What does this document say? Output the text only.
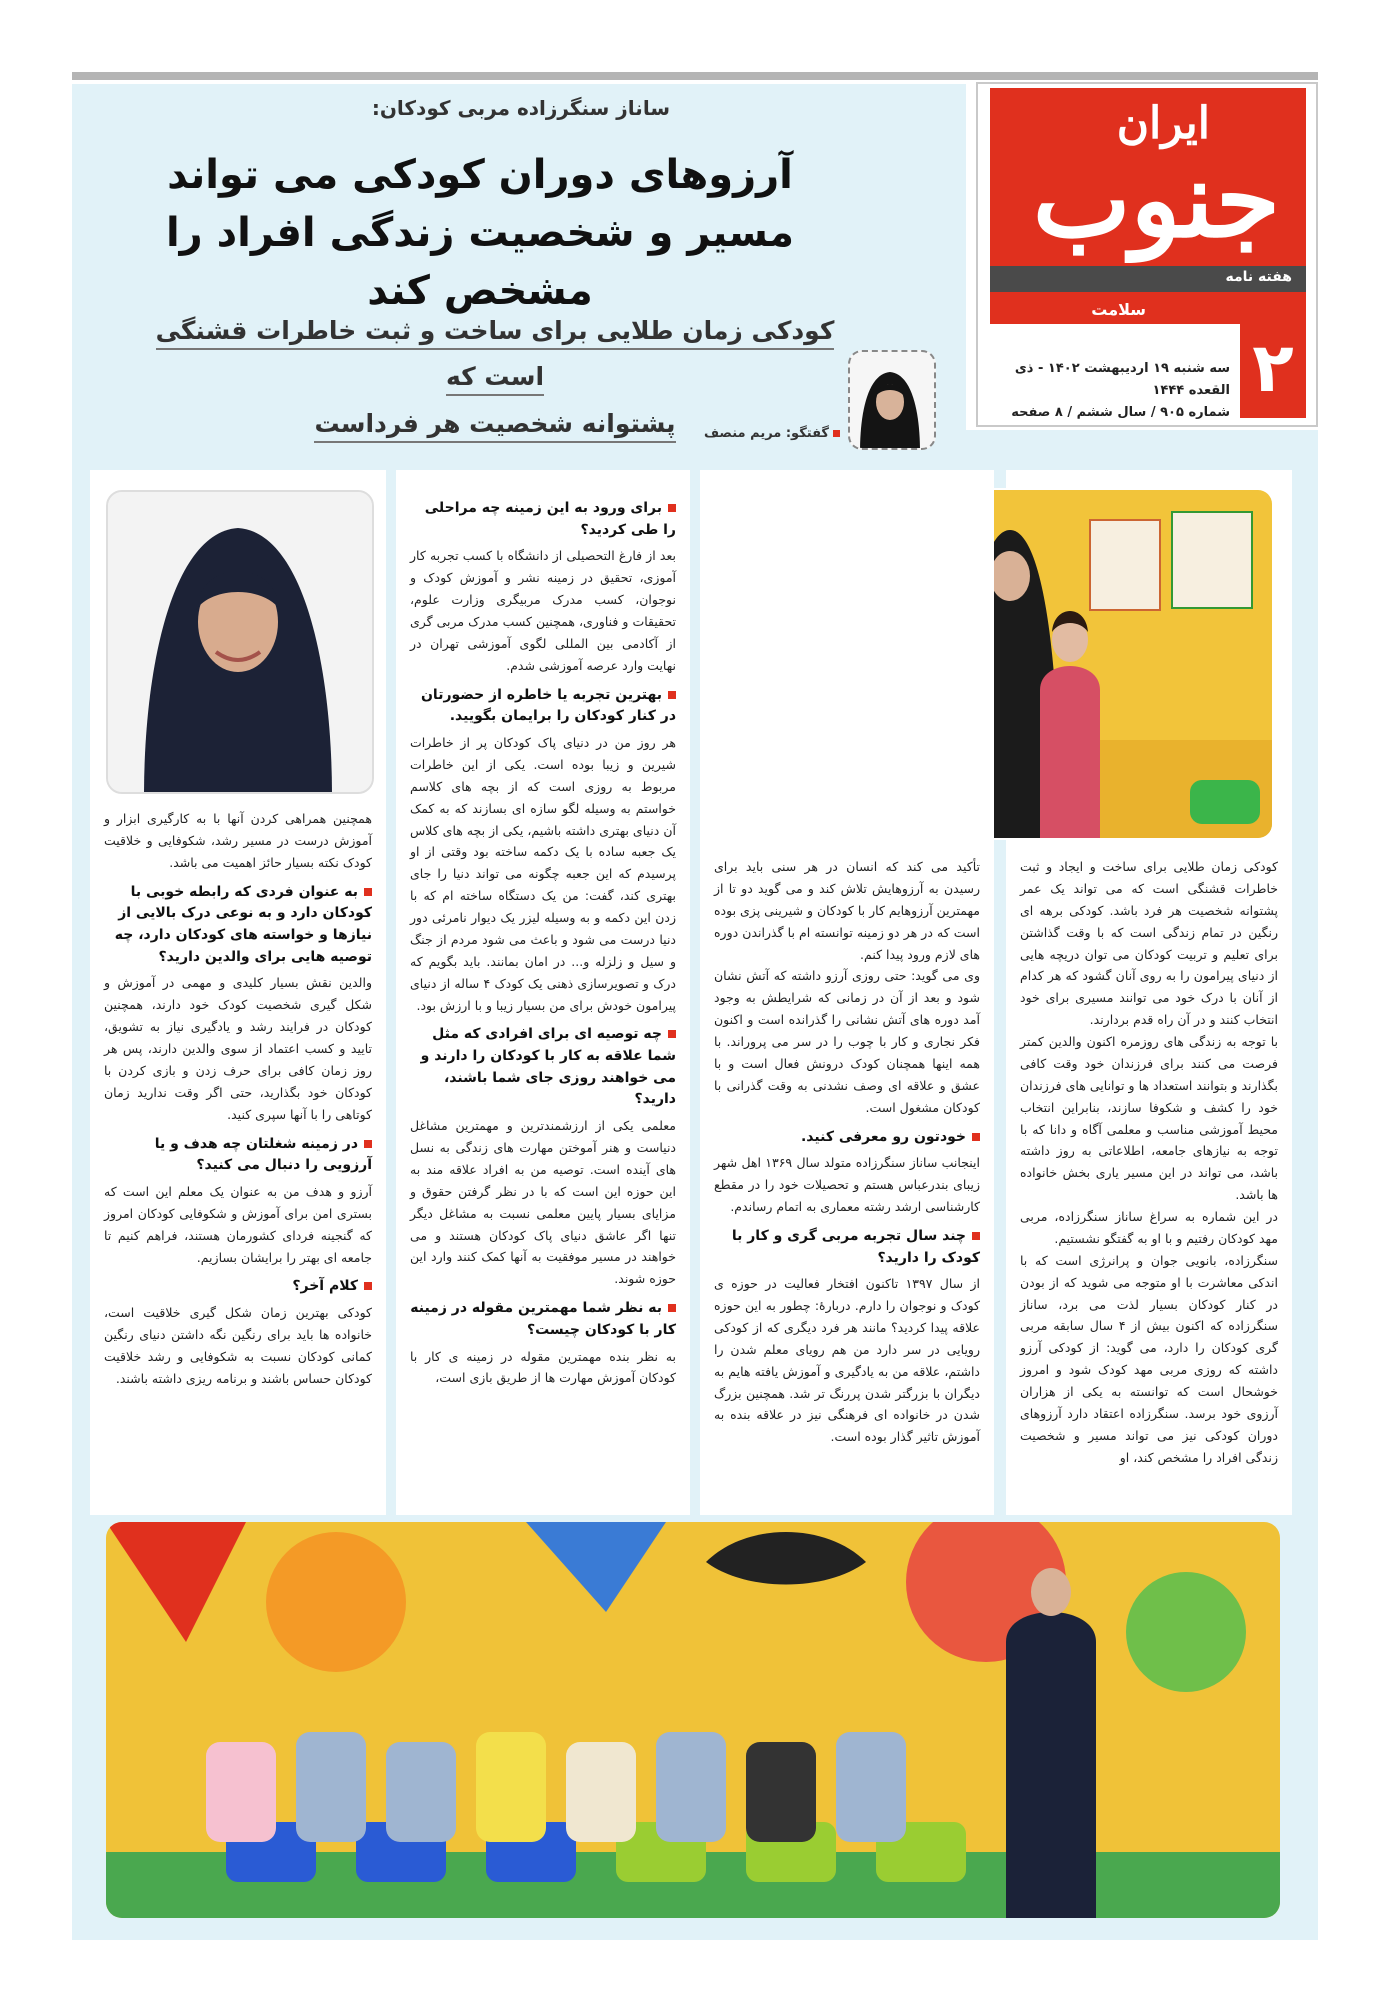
ایران
جنوب
هفته نامه
سلامت
۲
سه شنبه ۱۹ اردیبهشت ۱۴۰۲ - ذی القعده ۱۴۴۴
شماره ۹۰۵ / سال ششم / ۸ صفحه
ساناز سنگرزاده مربی کودکان:
آرزوهای دوران کودکی می تواند
مسیر و شخصیت زندگی افراد را مشخص کند
کودکی زمان طلایی برای ساخت و ثبت خاطرات قشنگی است که
پشتوانه شخصیت هر فرداست	گفتگو: مریم منصف

کودکی زمان طلایی برای ساخت و ایجاد و ثبت خاطرات قشنگی است که می تواند یک عمر پشتوانه شخصیت هر فرد باشد. کودکی برهه ای رنگین در تمام زندگی است که با وقت گذاشتن برای تعلیم و تربیت کودکان می توان دریچه هایی از دنیای پیرامون را به روی آنان گشود که هر کدام از آنان با درک خود می توانند مسیری برای خود انتخاب کنند و در آن راه قدم بردارند.

با توجه به زندگی های روزمره اکنون والدین کمتر فرصت می کنند برای فرزندان خود وقت کافی بگذارند و بتوانند استعداد ها و توانایی های فرزندان خود را کشف و شکوفا سازند، بنابراین انتخاب محیط آموزشی مناسب و معلمی آگاه و دانا که با توجه به نیازهای جامعه، اطلاعاتی به روز داشته باشد، می تواند در این مسیر یاری بخش خانواده ها باشد.

در این شماره به سراغ ساناز سنگرزاده، مربی مهد کودکان رفتیم و با او به گفتگو نشستیم.

سنگرزاده، بانویی جوان و پرانرژی است که با اندکی معاشرت با او متوجه می شوید که از بودن در کنار کودکان بسیار لذت می برد، ساناز سنگرزاده که اکنون بیش از ۴ سال سابقه مربی گری کودکان را دارد، می گوید: از کودکی آرزو داشته که روزی مربی مهد کودک شود و امروز خوشحال است که توانسته به یکی از هزاران آرزوی خود برسد. سنگرزاده اعتقاد دارد آرزوهای دوران کودکی نیز می تواند مسیر و شخصیت زندگی افراد را مشخص کند، او

تأکید می کند که انسان در هر سنی باید برای رسیدن به آرزوهایش تلاش کند و می گوید دو تا از مهمترین آرزوهایم کار با کودکان و شیرینی پزی بوده است که در هر دو زمینه توانسته ام با گذراندن دوره های لازم ورود پیدا کنم.

وی می گوید: حتی روزی آرزو داشته که آتش نشان شود و بعد از آن در زمانی که شرایطش به وجود آمد دوره های آتش نشانی را گذرانده است و اکنون فکر نجاری و کار با چوب را در سر می پروراند. با همه اینها همچنان کودک درونش فعال است و با عشق و علاقه ای وصف نشدنی به وقت گذرانی با کودکان مشغول است.

خودتون رو معرفی کنید.

اینجانب ساناز سنگرزاده متولد سال ۱۳۶۹ اهل شهر زیبای بندرعباس هستم و تحصیلات خود را در مقطع کارشناسی ارشد رشته معماری به اتمام رساندم.

چند سال تجربه مربی گری و کار با کودک را دارید؟

از سال ۱۳۹۷ تاکنون افتخار فعالیت در حوزه ی کودک و نوجوان را دارم. دربارهٔ: چطور به این حوزه علاقه پیدا کردید؟ مانند هر فرد دیگری که از کودکی رویایی در سر دارد من هم رویای معلم شدن را داشتم، علاقه من به یادگیری و آموزش یافته هایم به دیگران با بزرگتر شدن پررنگ تر شد. همچنین بزرگ شدن در خانواده ای فرهنگی نیز در علاقه بنده به آموزش تاثیر گذار بوده است.

برای ورود به این زمینه چه مراحلی را طی کردید؟

بعد از فارغ التحصیلی از دانشگاه با کسب تجربه کار آموزی، تحقیق در زمینه نشر و آموزش کودک و نوجوان، کسب مدرک مربیگری وزارت علوم، تحقیقات و فناوری، همچنین کسب مدرک مربی گری از آکادمی بین المللی لگوی آموزشی تهران در نهایت وارد عرصه آموزشی شدم.

بهترین تجربه یا خاطره از حضورتان در کنار کودکان را برایمان بگویید.

هر روز من در دنیای پاک کودکان پر از خاطرات شیرین و زیبا بوده است. یکی از این خاطرات مربوط به روزی است که از بچه های کلاسم خواستم به وسیله لگو سازه ای بسازند که به کمک آن دنیای بهتری داشته باشیم، یکی از بچه های کلاس یک جعبه ساده با یک دکمه ساخته بود وقتی از او پرسیدم که این جعبه چگونه می تواند دنیا را جای بهتری کند، گفت: من یک دستگاه ساخته ام که با زدن این دکمه و به وسیله لیزر یک دیوار نامرئی دور دنیا درست می شود و باعث می شود مردم از جنگ و سیل و زلزله و... در امان بمانند. باید بگویم که درک و تصویرسازی ذهنی یک کودک ۴ ساله از دنیای پیرامون خودش برای من بسیار زیبا و با ارزش بود.

چه توصیه ای برای افرادی که مثل شما علاقه به کار با کودکان را دارند و می خواهند روزی جای شما باشند، دارید؟

معلمی یکی از ارزشمندترین و مهمترین مشاغل دنیاست و هنر آموختن مهارت های زندگی به نسل های آینده است. توصیه من به افراد علاقه مند به این حوزه این است که با در نظر گرفتن حقوق و مزایای بسیار پایین معلمی نسبت به مشاغل دیگر تنها اگر عاشق دنیای پاک کودکان هستند و می خواهند در مسیر موفقیت به آنها کمک کنند وارد این حوزه شوند.

به نظر شما مهمترین مقوله در زمینه کار با کودکان چیست؟

به نظر بنده مهمترین مقوله در زمینه ی کار با کودکان آموزش مهارت ها از طریق بازی است،

همچنین همراهی کردن آنها با به کارگیری ابزار و آموزش درست در مسیر رشد، شکوفایی و خلاقیت کودک نکته بسیار حائز اهمیت می باشد.

به عنوان فردی که رابطه خوبی با کودکان دارد و به نوعی درک بالایی از نیازها و خواسته های کودکان دارد، چه توصیه هایی برای والدین دارید؟

والدین نقش بسیار کلیدی و مهمی در آموزش و شکل گیری شخصیت کودک خود دارند، همچنین کودکان در فرایند رشد و یادگیری نیاز به تشویق، تایید و کسب اعتماد از سوی والدین دارند، پس هر روز زمان کافی برای حرف زدن و بازی کردن با کودکان خود بگذارید، حتی اگر وقت ندارید زمان کوتاهی را با آنها سپری کنید.

در زمینه شغلتان چه هدف و یا آرزویی را دنبال می کنید؟

آرزو و هدف من به عنوان یک معلم این است که بستری امن برای آموزش و شکوفایی کودکان امروز که گنجینه فردای کشورمان هستند، فراهم کنیم تا جامعه ای بهتر را برایشان بسازیم.

کلام آخر؟

کودکی بهترین زمان شکل گیری خلاقیت است، خانواده ها باید برای رنگین نگه داشتن دنیای رنگین کمانی کودکان نسبت به شکوفایی و رشد خلاقیت کودکان حساس باشند و برنامه ریزی داشته باشند.
